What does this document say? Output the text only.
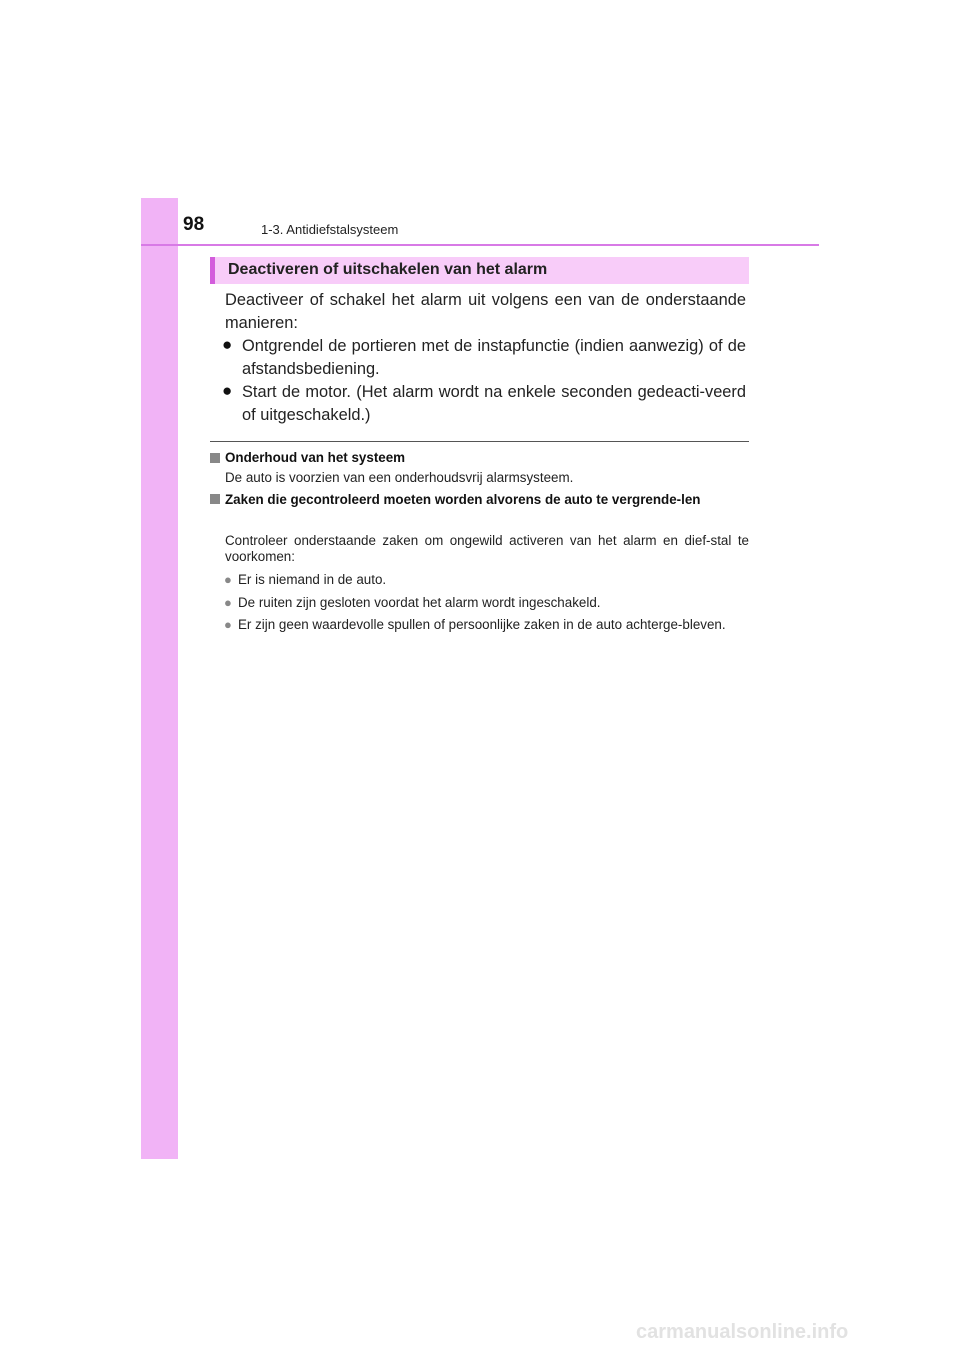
98	1-3. Antidiefstalsysteem
Deactiveren of uitschakelen van het alarm
Deactiveer of schakel het alarm uit volgens een van de onderstaande manieren:
● Ontgrendel de portieren met de instapfunctie (indien aanwezig) of de afstandsbediening.
● Start de motor. (Het alarm wordt na enkele seconden gedeacti-veerd of uitgeschakeld.)
Onderhoud van het systeem
De auto is voorzien van een onderhoudsvrij alarmsysteem.
Zaken die gecontroleerd moeten worden alvorens de auto te vergrende-len
Controleer onderstaande zaken om ongewild activeren van het alarm en dief-stal te voorkomen:
● Er is niemand in de auto.
● De ruiten zijn gesloten voordat het alarm wordt ingeschakeld.
● Er zijn geen waardevolle spullen of persoonlijke zaken in de auto achterge-bleven.
carmanualsonline.info
